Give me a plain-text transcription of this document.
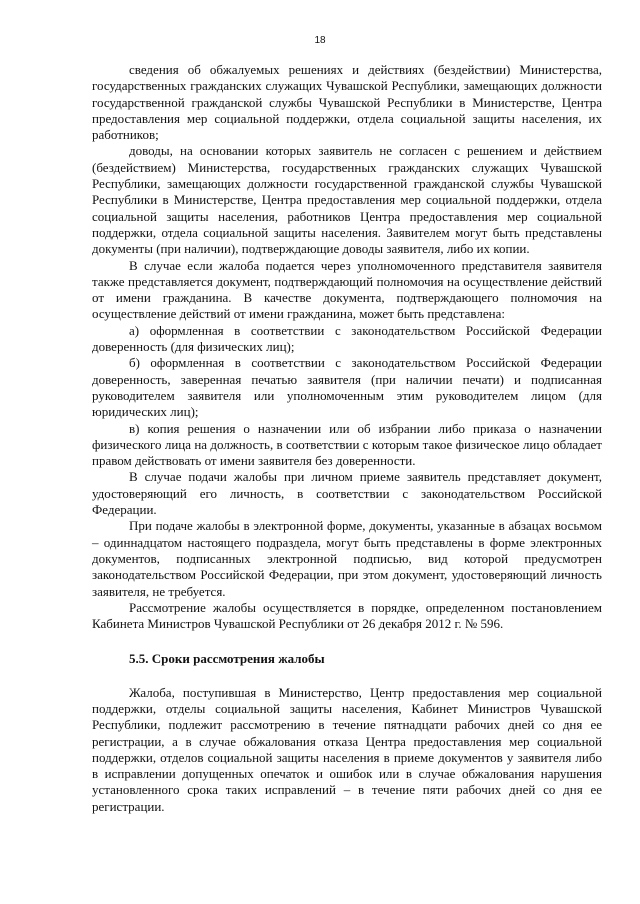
18

сведения об обжалуемых решениях и действиях (бездействии) Министерства, государственных гражданских служащих Чувашской Республики, замещающих должности государственной гражданской службы Чувашской Республики в Министерстве, Центра предоставления мер социальной поддержки, отдела социальной защиты населения, их работников;

доводы, на основании которых заявитель не согласен с решением и действием (бездействием) Министерства, государственных гражданских служащих Чувашской Республики, замещающих должности государственной гражданской службы Чувашской Республики в Министерстве, Центра предоставления мер социальной поддержки, отдела социальной защиты населения, работников Центра предоставления мер социальной поддержки, отдела социальной защиты населения. Заявителем могут быть представлены документы (при наличии), подтверждающие доводы заявителя, либо их копии.

В случае если жалоба подается через уполномоченного представителя заявителя также представляется документ, подтверждающий полномочия на осуществление действий от имени гражданина. В качестве документа, подтверждающего полномочия на осуществление действий от имени гражданина, может быть представлена:

а) оформленная в соответствии с законодательством Российской Федерации доверенность (для физических лиц);

б) оформленная в соответствии с законодательством Российской Федерации доверенность, заверенная печатью заявителя (при наличии печати) и подписанная руководителем заявителя или уполномоченным этим руководителем лицом (для юридических лиц);

в) копия решения о назначении или об избрании либо приказа о назначении физического лица на должность, в соответствии с которым такое физическое лицо обладает правом действовать от имени заявителя без доверенности.

В случае подачи жалобы при личном приеме заявитель представляет документ, удостоверяющий его личность, в соответствии с законодательством Российской Федерации.

При подаче жалобы в электронной форме, документы, указанные в абзацах восьмом – одиннадцатом настоящего подраздела, могут быть представлены в форме электронных документов, подписанных электронной подписью, вид которой предусмотрен законодательством Российской Федерации, при этом документ, удостоверяющий личность заявителя, не требуется.

Рассмотрение жалобы осуществляется в порядке, определенном постановлением Кабинета Министров Чувашской Республики от 26 декабря 2012 г. № 596.

5.5. Сроки рассмотрения жалобы

Жалоба, поступившая в Министерство, Центр предоставления мер социальной поддержки, отделы социальной защиты населения, Кабинет Министров Чувашской Республики, подлежит рассмотрению в течение пятнадцати рабочих дней со дня ее регистрации, а в случае обжалования отказа Центра предоставления мер социальной поддержки, отделов социальной защиты населения в приеме документов у заявителя либо в исправлении допущенных опечаток и ошибок или в случае обжалования нарушения установленного срока таких исправлений – в течение пяти рабочих дней со дня ее регистрации.
